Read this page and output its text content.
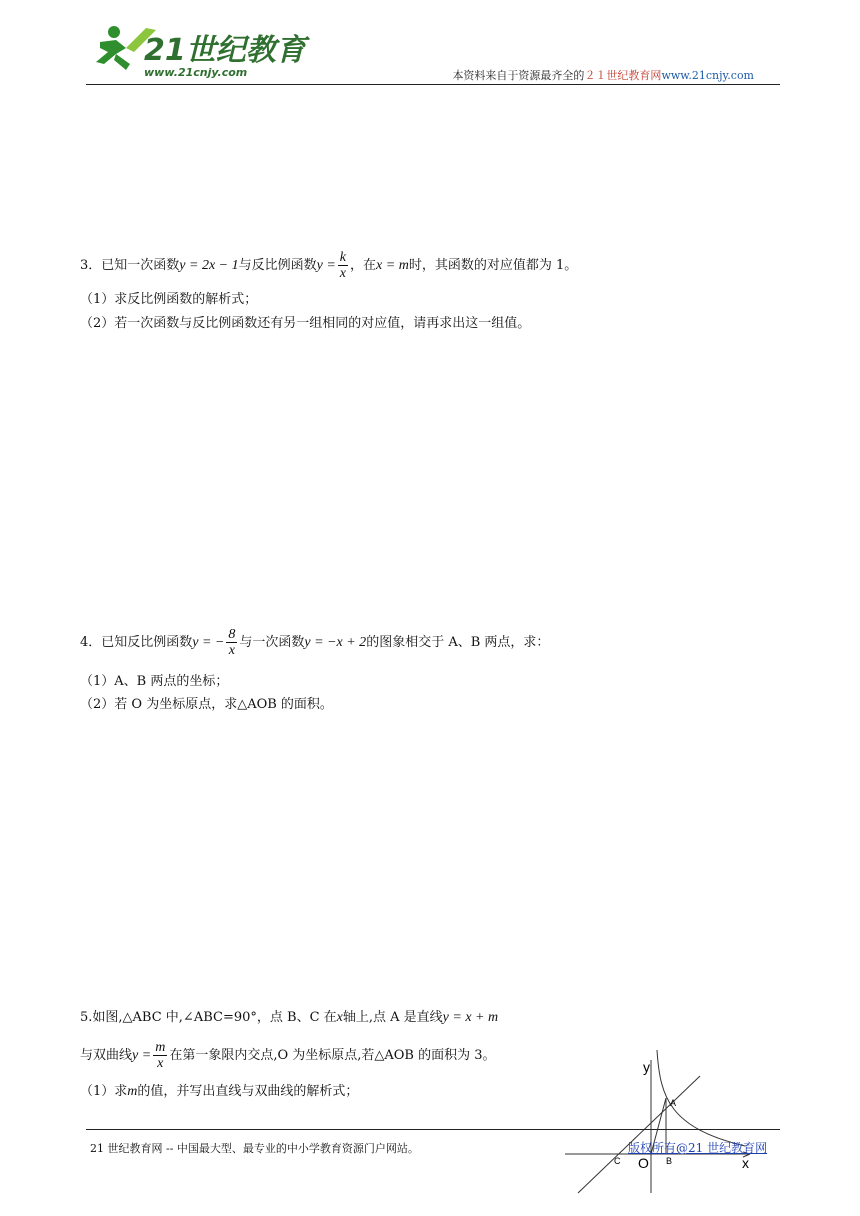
21世纪教育
www.21cnjy.com	本资料来自于资源最齐全的２１世纪教育网www.21cnjy.com
3．已知一次函数y = 2x − 1与反比例函数$y = \frac{k}{x}$ ，在x = m时，其函数的对应值都为 1。
（1）求反比例函数的解析式；
（2）若一次函数与反比例函数还有另一组相同的对应值，请再求出这一组值。
4．已知反比例函数y = − $\frac{8}{x}$ 与一次函数y = −x + 2的图象相交于 A、B 两点，求：
（1）A、B 两点的坐标；
（2）若 O 为坐标原点，求△AOB 的面积。
5.如图,△ABC 中,∠ABC=90°，点 B、C 在x轴上,点 A 是直线y = x + m
与双曲线$y = \frac{m}{x}$ 在第一象限内交点,O 为坐标原点,若△AOB 的面积为 3。
（1）求m的值，并写出直线与双曲线的解析式；
y
x
O
A
B
C
21 世纪教育网 -- 中国最大型、最专业的中小学教育资源门户网站。	版权所有@21 世纪教育网
